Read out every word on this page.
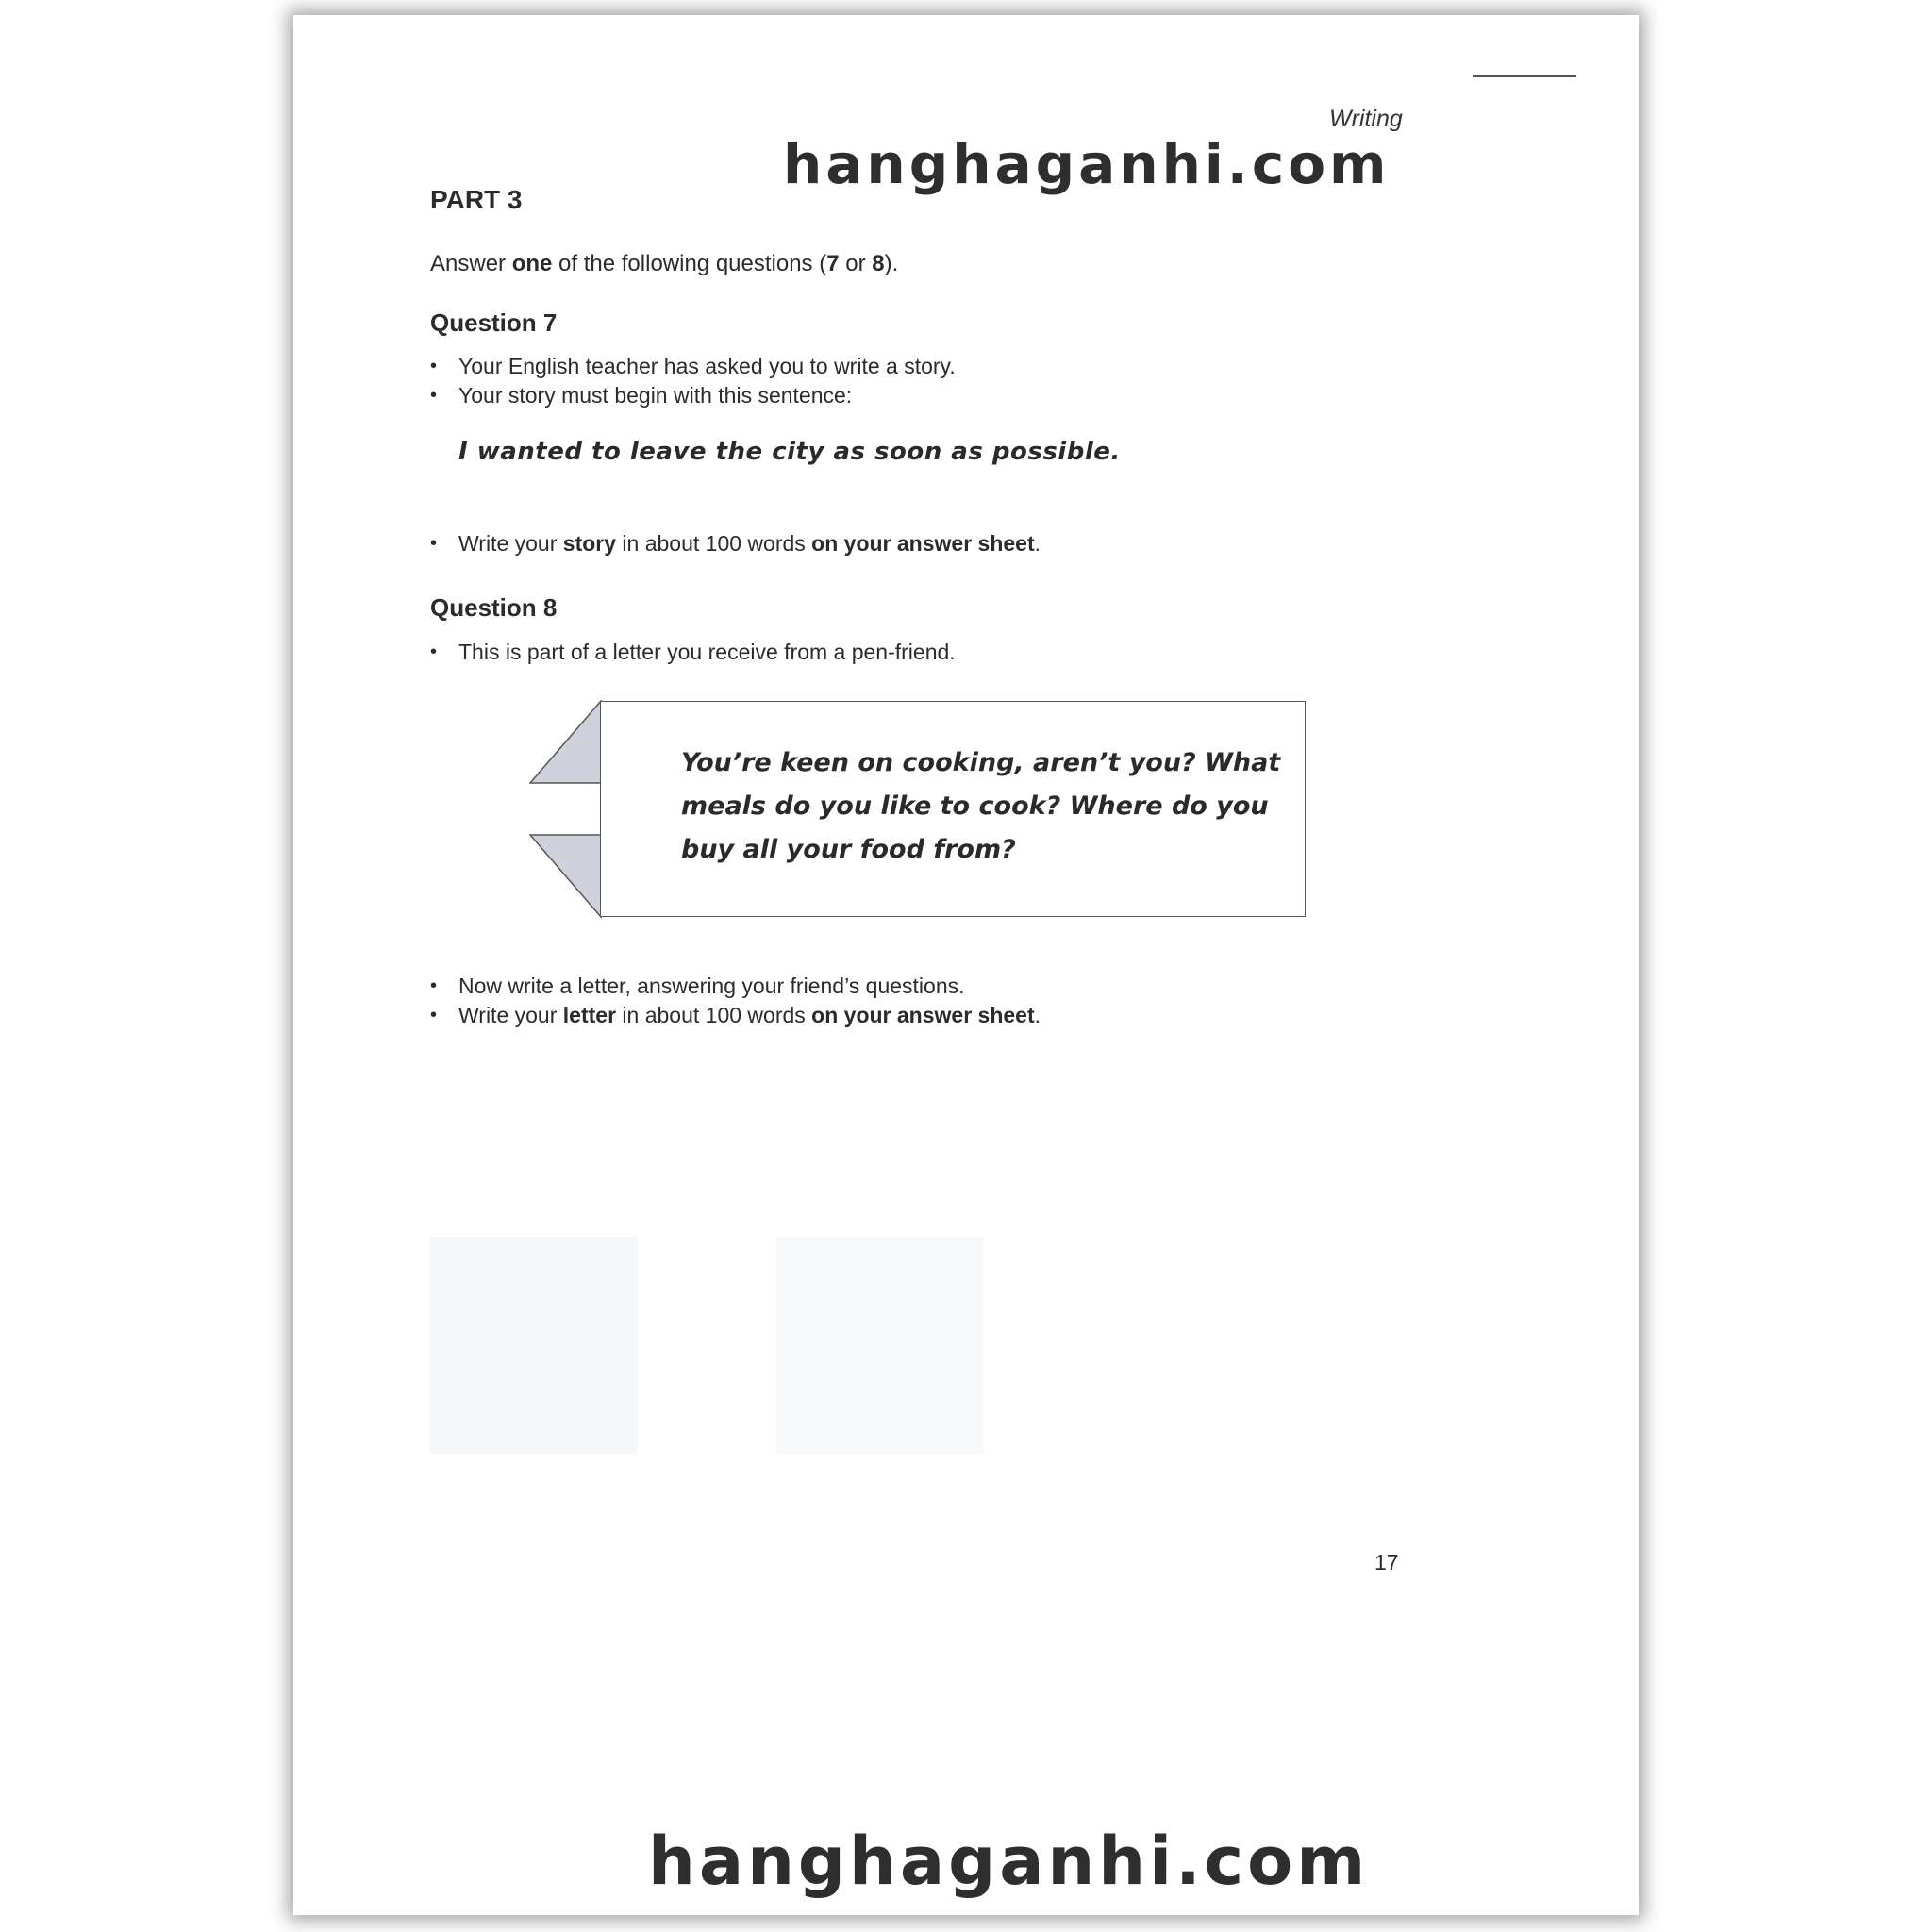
Writing

PART 3

Answer one of the following questions (7 or 8).

Question 7
• Your English teacher has asked you to write a story.
• Your story must begin with this sentence:

I wanted to leave the city as soon as possible.

• Write your story in about 100 words on your answer sheet.
Question 8
• This is part of a letter you receive from a pen-friend.

You’re keen on cooking, aren’t you? What meals do you like to cook? Where do you buy all your food from?

• Now write a letter, answering your friend’s questions.
• Write your letter in about 100 words on your answer sheet.

17

hanghaganhi.com
hanghaganhi.com
